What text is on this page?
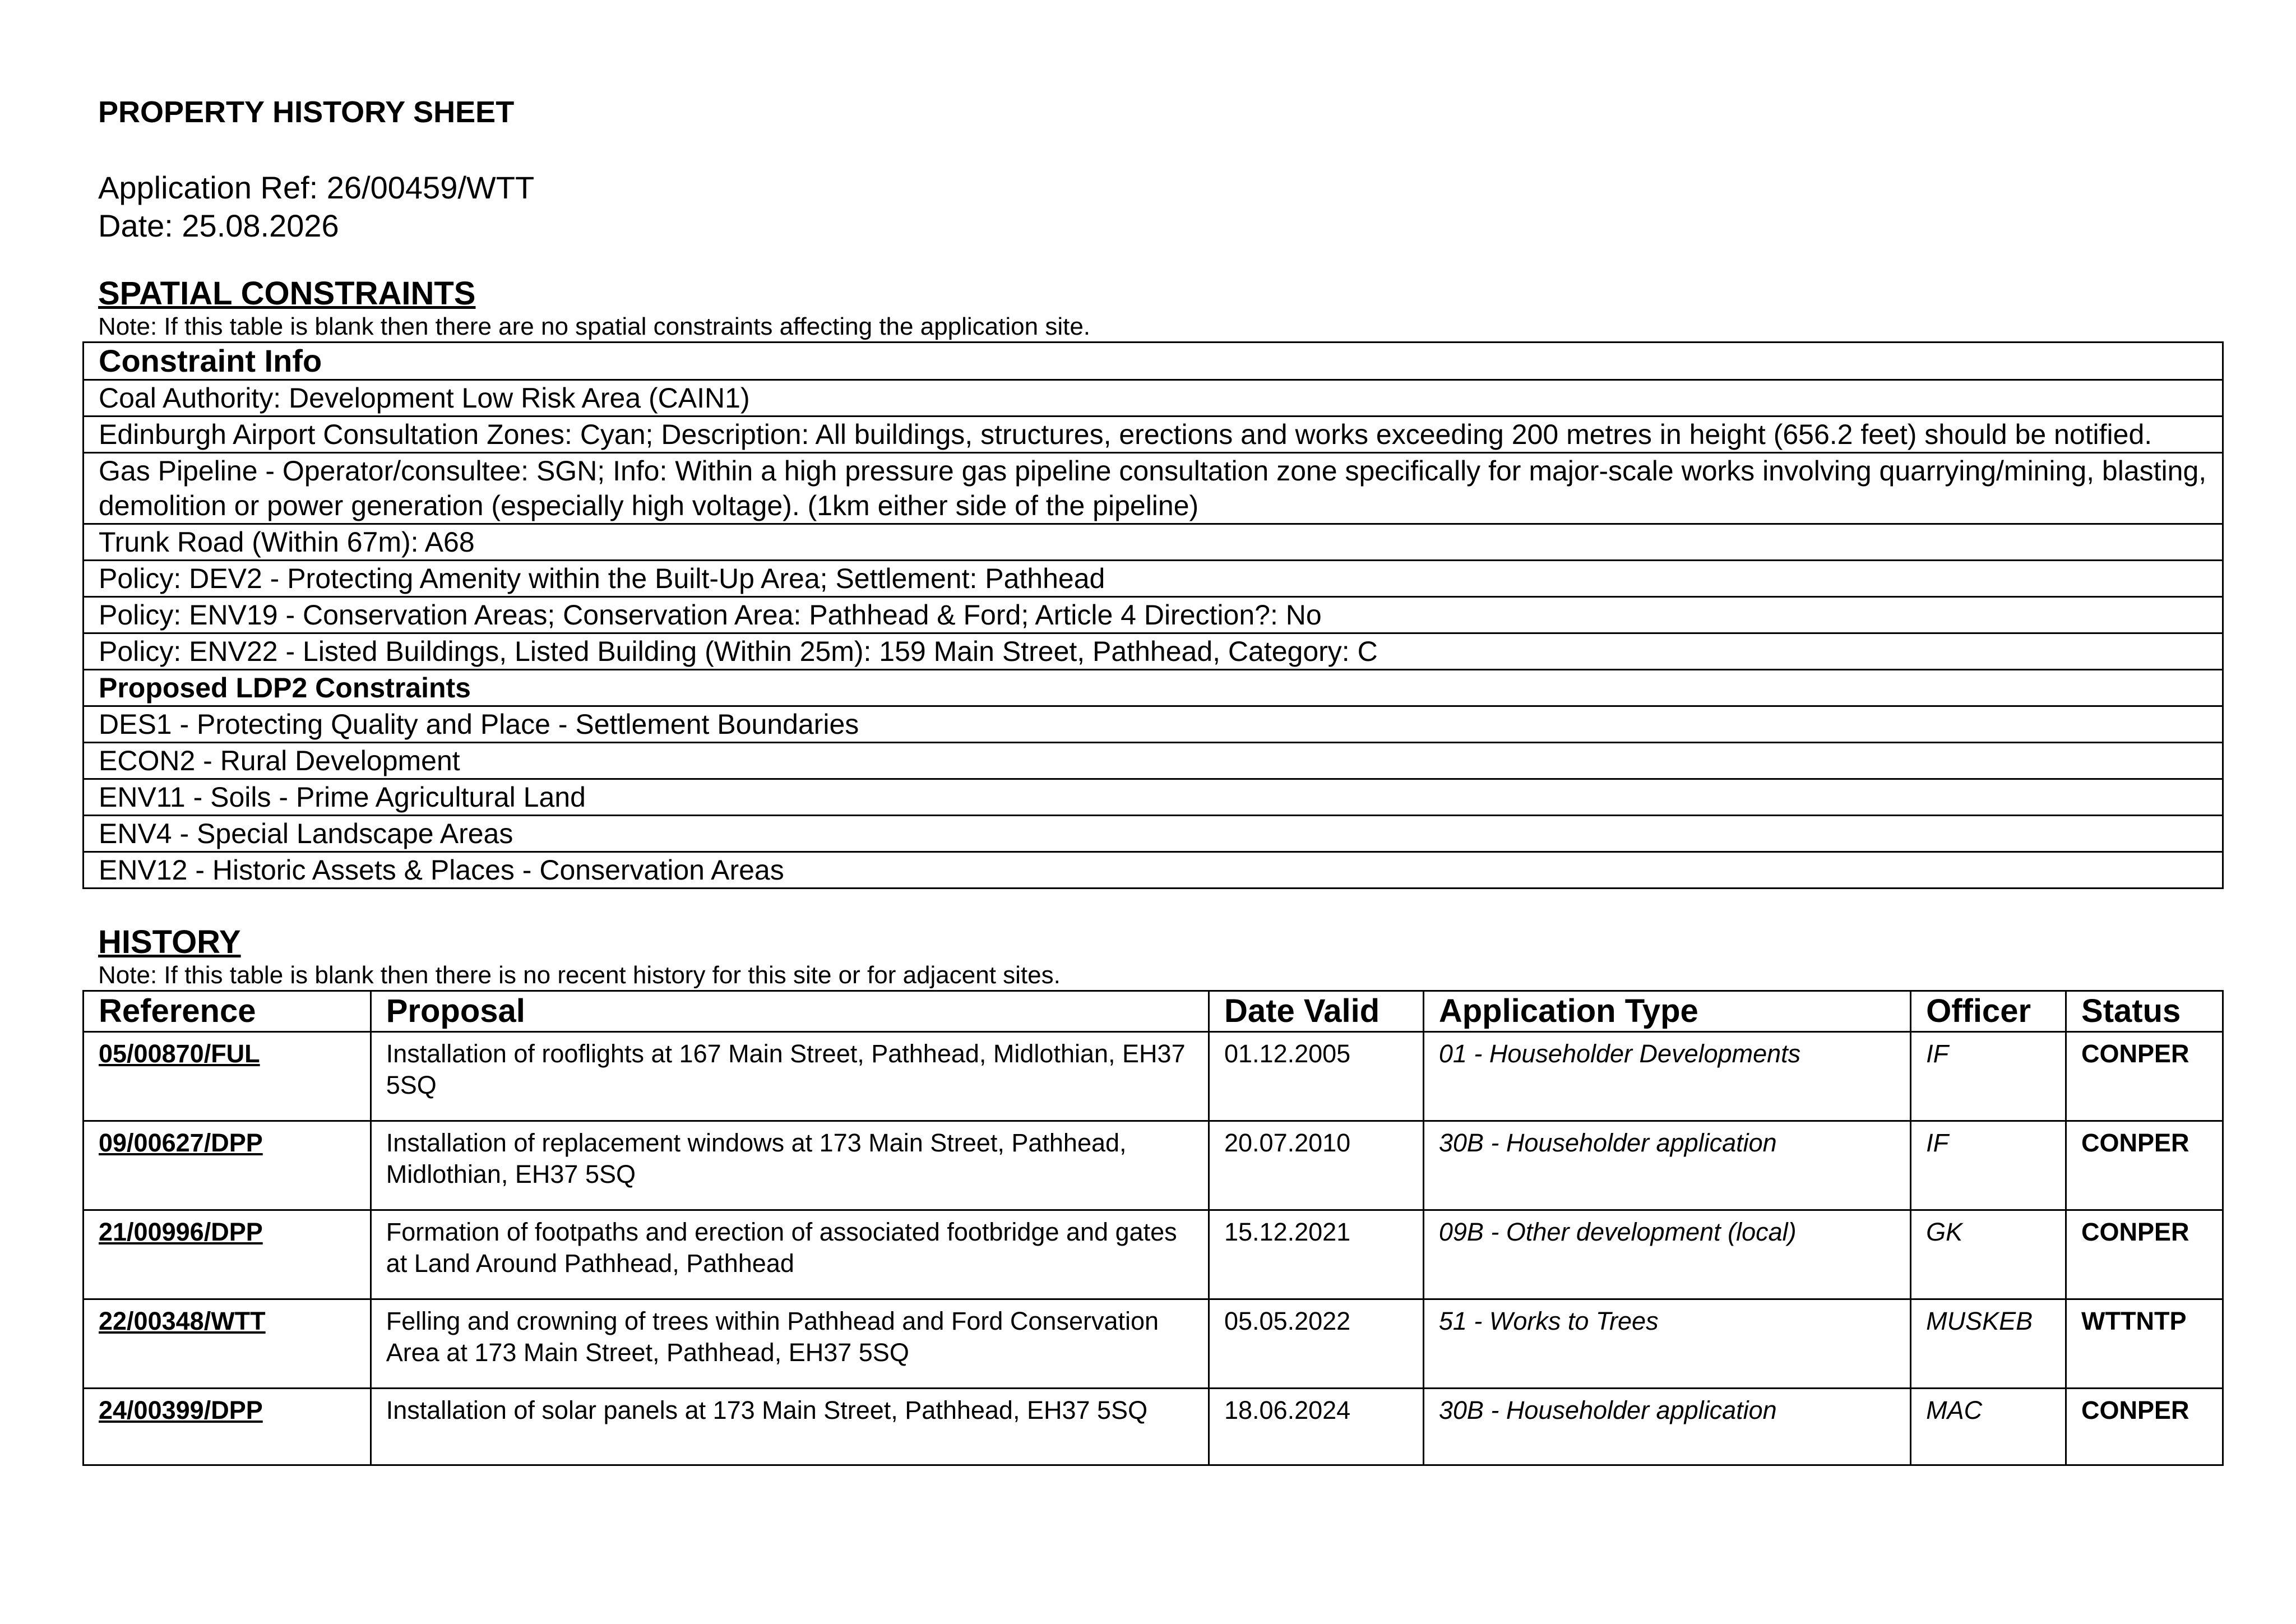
PROPERTY HISTORY SHEET
Application Ref: 26/00459/WTT
Date: 25.08.2026
SPATIAL CONSTRAINTS

Note: If this table is blank then there are no spatial constraints affecting the application site.

Constraint Info
Coal Authority: Development Low Risk Area (CAIN1)
Edinburgh Airport Consultation Zones: Cyan; Description: All buildings, structures, erections and works exceeding 200 metres in height (656.2 feet) should be notified.
Gas Pipeline - Operator/consultee: SGN; Info: Within a high pressure gas pipeline consultation zone specifically for major-scale works involving quarrying/mining, blasting, demolition or power generation (especially high voltage). (1km either side of the pipeline)
Trunk Road (Within 67m): A68
Policy: DEV2 - Protecting Amenity within the Built-Up Area; Settlement: Pathhead
Policy: ENV19 - Conservation Areas; Conservation Area: Pathhead & Ford; Article 4 Direction?: No
Policy: ENV22 - Listed Buildings, Listed Building (Within 25m): 159 Main Street, Pathhead, Category: C
Proposed LDP2 Constraints
DES1 - Protecting Quality and Place - Settlement Boundaries
ECON2 - Rural Development
ENV11 - Soils - Prime Agricultural Land
ENV4 - Special Landscape Areas
ENV12 - Historic Assets & Places - Conservation Areas
HISTORY

Note: If this table is blank then there is no recent history for this site or for adjacent sites.

Reference	Proposal	Date Valid	Application Type	Officer	Status
05/00870/FUL	Installation of rooflights at 167 Main Street, Pathhead, Midlothian, EH37 5SQ	01.12.2005	01 - Householder Developments	IF	CONPER
09/00627/DPP	Installation of replacement windows at 173 Main Street, Pathhead, Midlothian, EH37 5SQ	20.07.2010	30B - Householder application	IF	CONPER
21/00996/DPP	Formation of footpaths and erection of associated footbridge and gates at Land Around Pathhead, Pathhead	15.12.2021	09B - Other development (local)	GK	CONPER
22/00348/WTT	Felling and crowning of trees within Pathhead and Ford Conservation Area at 173 Main Street, Pathhead, EH37 5SQ	05.05.2022	51 - Works to Trees	MUSKEB	WTTNTP
24/00399/DPP	Installation of solar panels at 173 Main Street, Pathhead, EH37 5SQ	18.06.2024	30B - Householder application	MAC	CONPER
